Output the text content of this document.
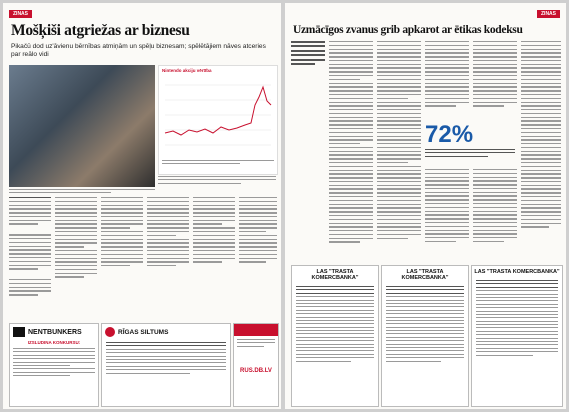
ZINAS
Mošķiši atgriežas ar biznesu
Pikačū dod uz'āvienu bērnības atmiņām un spēļu biznesam; spēlētājiem nāves atceries par reālo vidi
Nintendo akciju vērtība

NENTBUNKERS
IZSLUDINA KONKURSU:
RĪGAS SILTUMS
RUS.DB.LV
ZINAS
Uzmācīgos zvanus grib apkarot ar ētikas kodeksu
72%
LAS "TRASTA KOMERCBANKA"
LAS "TRASTA KOMERCBANKA"
LAS "TRASTA KOMERCBANKA"
